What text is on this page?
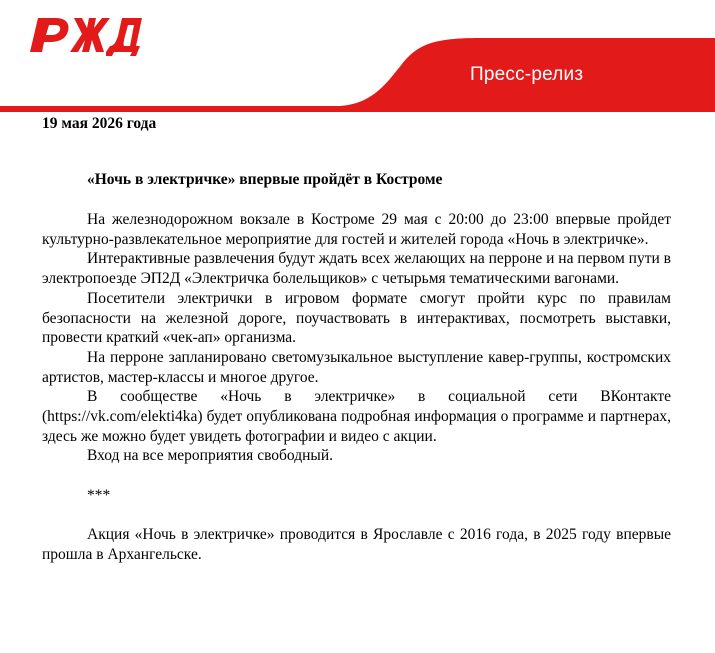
Пресс-релиз
19 мая 2026 года
«Ночь в электричке» впервые пройдёт в Костроме

На железнодорожном вокзале в Костроме 29 мая с 20:00 до 23:00 впервые пройдет культурно-развлекательное мероприятие для гостей и жителей города «Ночь в электричке».

Интерактивные развлечения будут ждать всех желающих на перроне и на первом пути в электропоезде ЭП2Д «Электричка болельщиков» с четырьмя тематическими вагонами.

Посетители электрички в игровом формате смогут пройти курс по правилам безопасности на железной дороге, поучаствовать в интерактивах, посмотреть выставки, провести краткий «чек-ап» организма.

На перроне запланировано светомузыкальное выступление кавер-группы, костромских артистов, мастер-классы и многое другое.

В сообществе «Ночь в электричке» в социальной сети ВКонтакте (https://vk.com/elekti4ka) будет опубликована подробная информация о программе и партнерах, здесь же можно будет увидеть фотографии и видео с акции.

Вход на все мероприятия свободный.

***

Акция «Ночь в электричке» проводится в Ярославле с 2016 года, в 2025 году впервые прошла в Архангельске.
